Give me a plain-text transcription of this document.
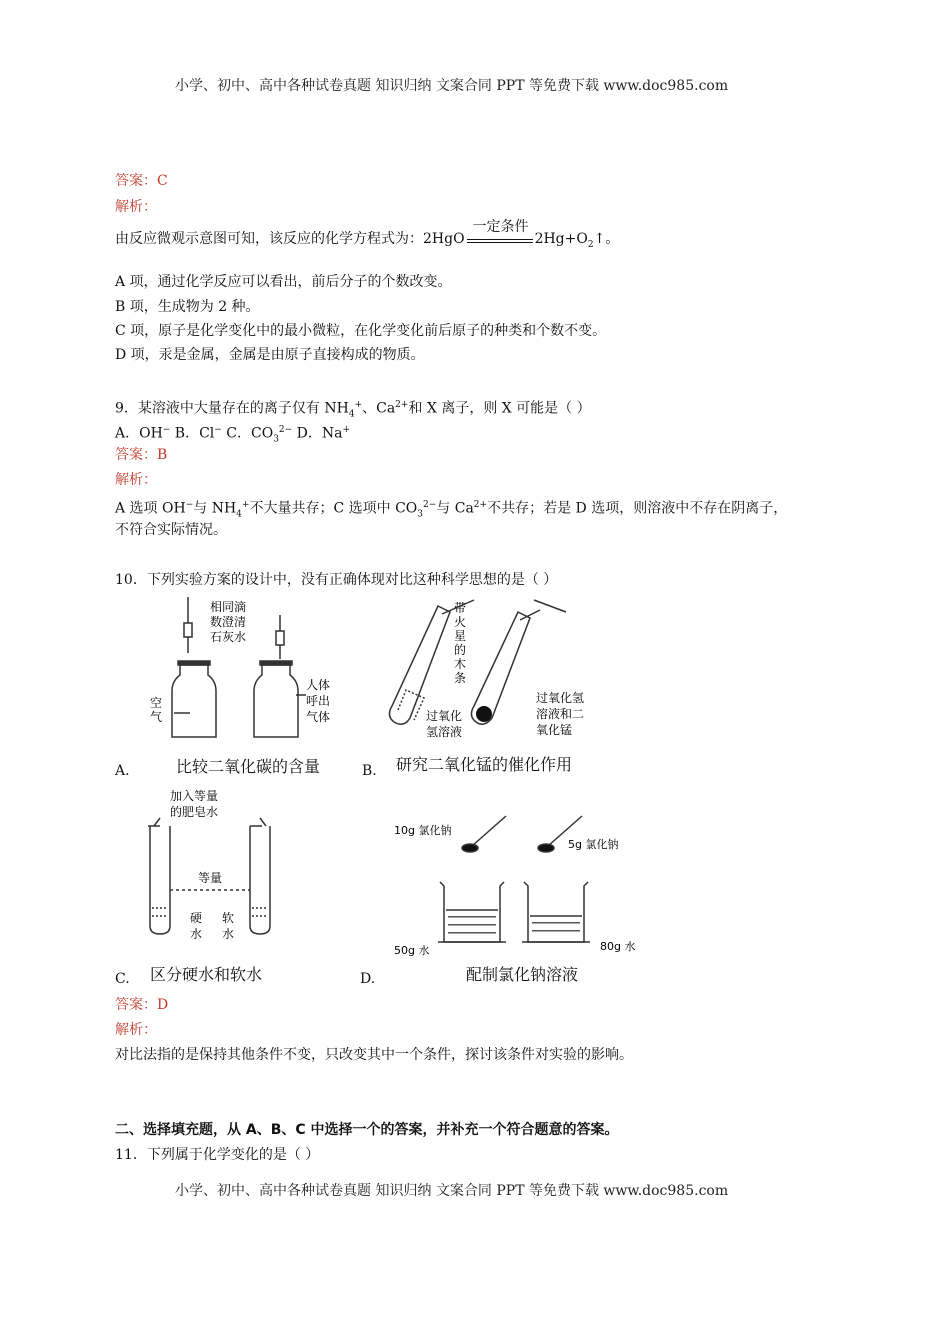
小学、初中、高中各种试卷真题 知识归纳 文案合同 PPT 等免费下载 www.doc985.com
答案：C
解析：
由反应微观示意图可知，该反应的化学方程式为：2HgO
一定条件
$2Hg+O_2↑$。
A 项，通过化学反应可以看出，前后分子的个数改变。
B 项，生成物为 2 种。
C 项，原子是化学变化中的最小微粒，在化学变化前后原子的种类和个数不变。
D 项，汞是金属，金属是由原子直接构成的物质。
9．某溶液中大量存在的离子仅有 $NH_4^+$、$Ca^{2+}$和 X 离子，则 X 可能是（ ）
A．OH− B．Cl− C．$CO_3^{2-}$ D．Na+
答案：B
解析：
A 选项 OH−与 $NH_4^+$不大量共存；C 选项中 $CO_3^{2-}$与 $Ca^{2+}$不共存；若是 D 选项，则溶液中不存在阴离子，
不符合实际情况。
10．下列实验方案的设计中，没有正确体现对比这种科学思想的是（ ）
相同滴
数澄清
石灰水
空
气
人体
呼出
气体
A.	比较二氧化碳的含量
带
火
星
的
木
条
过氧化
氢溶液
过氧化氢
溶液和二
氧化锰
B. 研究二氧化锰的催化作用
加入等量
的肥皂水
等量
硬
水
软
水
C. 区分硬水和软水
10g 氯化钠
5g 氯化钠
50g 水	80g 水
D.	配制氯化钠溶液
答案：D
解析：
对比法指的是保持其他条件不变，只改变其中一个条件，探讨该条件对实验的影响。
二、选择填充题，从 A、B、C 中选择一个的答案，并补充一个符合题意的答案。
11．下列属于化学变化的是（ ）
小学、初中、高中各种试卷真题 知识归纳 文案合同 PPT 等免费下载 www.doc985.com
